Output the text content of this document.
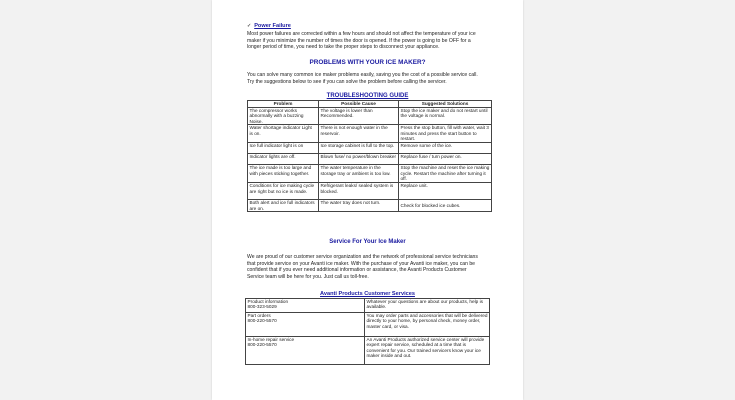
✓ Power Failure
Most power failures are corrected within a few hours and should not affect the temperature of your ice
maker if you minimize the number of times the door is opened. If the power is going to be OFF for a
longer period of time, you need to take the proper steps to disconnect your appliance.
PROBLEMS WITH YOUR ICE MAKER?
You can solve many common ice maker problems easily, saving you the cost of a possible service call.
Try the suggestions below to see if you can solve the problem before calling the servicer.
TROUBLESHOOTING GUIDE
Problem	Possible Cause	Suggested Solutions
The compressor works abnormally with a buzzing Noise.	The voltage is lower than Recommended.	Stop the ice maker and do not restart until the voltage is normal.
Water shortage indicator Light is on.	There is not enough water in the reservoir.	Press the stop button, fill with water, wait 3 minutes and press the start button to restart.
Ice full indicator light is on	Ice storage cabinet is full to the top.	Remove some of the ice.
Indicator lights are off.	Blown fuse/ no power/blown breaker	Replace fuse / turn power on.
The ice made is too large and with pieces sticking together.	The water temperature in the storage tray or ambient is too low.	Stop the machine and reset the ice making cycle. Restart the machine after turning it off.
Conditions for ice making cycle are right but no ice is made.	Refrigerant leaks/ sealed system is blocked.	Replace unit.
Both alert and ice full indicators are on.	The water tray does not turn.	Check for blocked ice cubes.
Service For Your Ice Maker
We are proud of our customer service organization and the network of professional service technicians
that provide service on your Avanti ice maker. With the purchase of your Avanti ice maker, you can be
confident that if you ever need additional information or assistance, the Avanti Products Customer
Service team will be here for you. Just call us toll-free.
Avanti Products Customer Services
Product information
800-323-5029	Whatever your questions are about our products, help is available.

Part orders
800-220-5570	You may order parts and accessories that will be delivered directly to your home, by personal check, money order, master card, or visa.

In-home repair service
800-220-5570	An Avanti Products authorized service center will provide expert repair service, scheduled at a time that is convenient for you. Our trained servicers know your ice maker inside and out.
